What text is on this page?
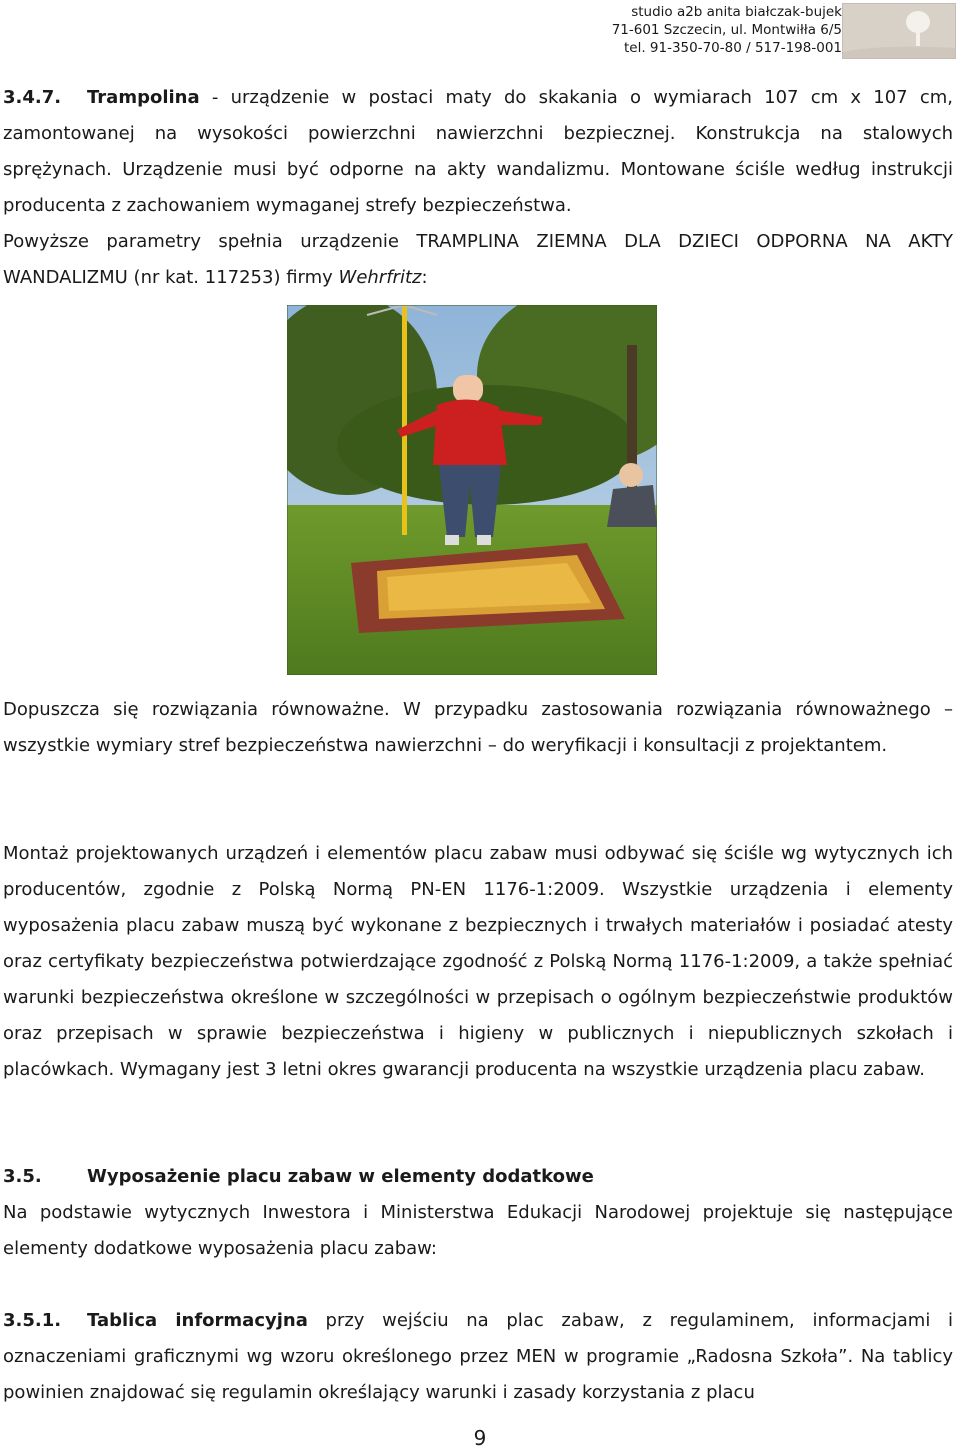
studio a2b anita białczak-bujek
71-601 Szczecin, ul. Montwiłła 6/5
tel. 91-350-70-80 / 517-198-001

3.4.7. Trampolina - urządzenie w postaci maty do skakania o wymiarach 107 cm x 107 cm, zamontowanej na wysokości powierzchni nawierzchni bezpiecznej. Konstrukcja na stalowych sprężynach. Urządzenie musi być odporne na akty wandalizmu. Montowane ściśle według instrukcji producenta z zachowaniem wymaganej strefy bezpieczeństwa.

Powyższe parametry spełnia urządzenie TRAMPLINA ZIEMNA DLA DZIECI ODPORNA NA AKTY WANDALIZMU (nr kat. 117253) firmy Wehrfritz:

Dopuszcza się rozwiązania równoważne. W przypadku zastosowania rozwiązania równoważnego – wszystkie wymiary stref bezpieczeństwa nawierzchni – do weryfikacji i konsultacji z projektantem.

Montaż projektowanych urządzeń i elementów placu zabaw musi odbywać się ściśle wg wytycznych ich producentów, zgodnie z Polską Normą PN-EN 1176-1:2009. Wszystkie urządzenia i elementy wyposażenia placu zabaw muszą być wykonane z bezpiecznych i trwałych materiałów i posiadać atesty oraz certyfikaty bezpieczeństwa potwierdzające zgodność z Polską Normą 1176-1:2009, a także spełniać warunki bezpieczeństwa określone w szczególności w przepisach o ogólnym bezpieczeństwie produktów oraz przepisach w sprawie bezpieczeństwa i higieny w publicznych i niepublicznych szkołach i placówkach. Wymagany jest 3 letni okres gwarancji producenta na wszystkie urządzenia placu zabaw.

3.5.	Wyposażenie placu zabaw w elementy dodatkowe

Na podstawie wytycznych Inwestora i Ministerstwa Edukacji Narodowej projektuje się następujące elementy dodatkowe wyposażenia placu zabaw:

3.5.1. Tablica informacyjna przy wejściu na plac zabaw, z regulaminem, informacjami i oznaczeniami graficznymi wg wzoru określonego przez MEN w programie „Radosna Szkoła”. Na tablicy powinien znajdować się regulamin określający warunki i zasady korzystania z placu

9
